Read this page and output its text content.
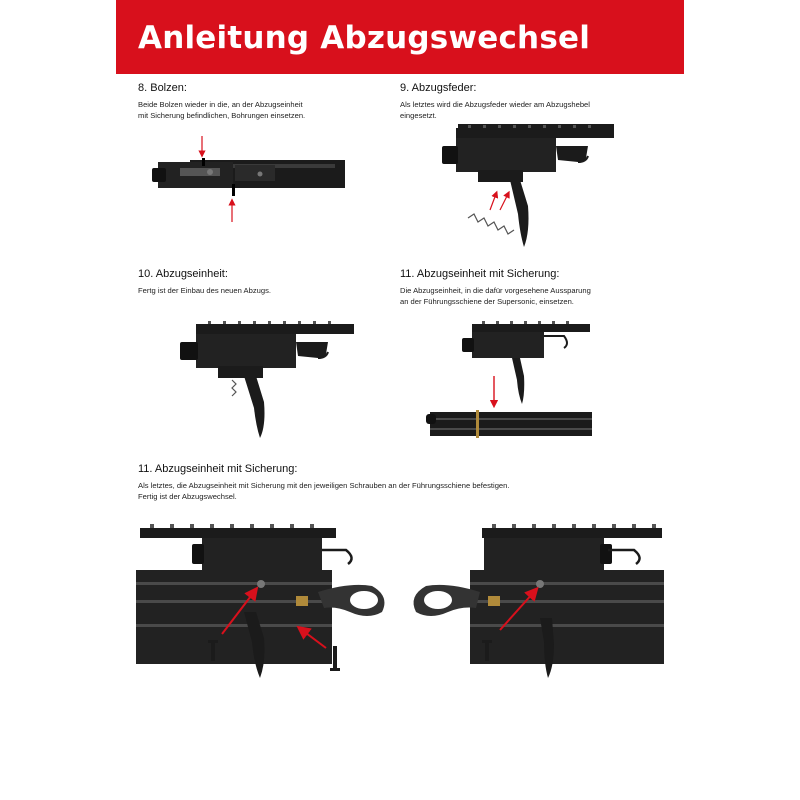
Anleitung Abzugswechsel
8. Bolzen:

Beide Bolzen wieder in die, an der Abzugseinheit
mit Sicherung befindlichen, Bohrungen einsetzen.

9. Abzugsfeder:

Als letztes wird die Abzugsfeder wieder am Abzugshebel
eingesetzt.

10. Abzugseinheit:

Fertg ist der Einbau des neuen Abzugs.

11. Abzugseinheit mit Sicherung:

Die Abzugseinheit, in die dafür vorgesehene Aussparung
an der Führungsschiene der Supersonic, einsetzen.

11. Abzugseinheit mit Sicherung:

Als letztes, die Abzugseinheit mit Sicherung mit den jeweiligen Schrauben an der Führungsschiene befestigen.
Fertig ist der Abzugswechsel.
